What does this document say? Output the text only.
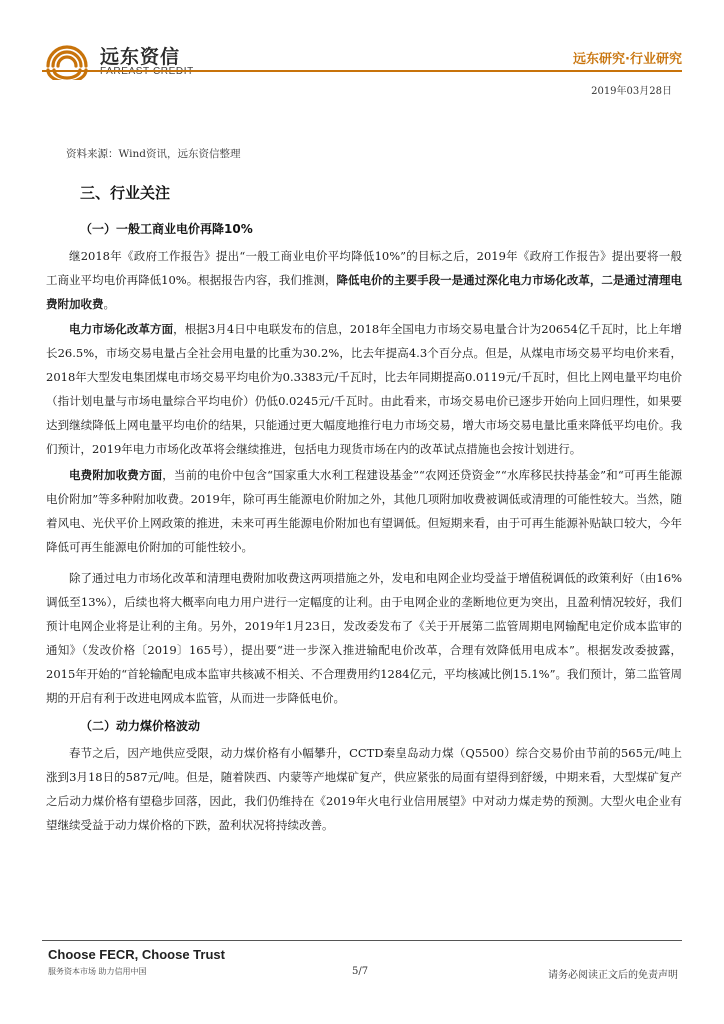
远东资信
FAREAST CREDIT
远东研究·行业研究
2019年03月28日
资料来源：Wind资讯，远东资信整理
三、行业关注
（一）一般工商业电价再降10%

继2018年《政府工作报告》提出“一般工商业电价平均降低10%”的目标之后，2019年《政府工作报告》提出要将一般工商业平均电价再降低10%。根据报告内容，我们推测，降低电价的主要手段一是通过深化电力市场化改革，二是通过清理电费附加收费。

电力市场化改革方面，根据3月4日中电联发布的信息，2018年全国电力市场交易电量合计为20654亿千瓦时，比上年增长26.5%，市场交易电量占全社会用电量的比重为30.2%，比去年提高4.3个百分点。但是，从煤电市场交易平均电价来看，2018年大型发电集团煤电市场交易平均电价为0.3383元/千瓦时，比去年同期提高0.0119元/千瓦时，但比上网电量平均电价（指计划电量与市场电量综合平均电价）仍低0.0245元/千瓦时。由此看来，市场交易电价已逐步开始向上回归理性，如果要达到继续降低上网电量平均电价的结果，只能通过更大幅度地推行电力市场交易，增大市场交易电量比重来降低平均电价。我们预计，2019年电力市场化改革将会继续推进，包括电力现货市场在内的改革试点措施也会按计划进行。

电费附加收费方面，当前的电价中包含“国家重大水利工程建设基金”“农网还贷资金”“水库移民扶持基金”和“可再生能源电价附加”等多种附加收费。2019年，除可再生能源电价附加之外，其他几项附加收费被调低或清理的可能性较大。当然，随着风电、光伏平价上网政策的推进，未来可再生能源电价附加也有望调低。但短期来看，由于可再生能源补贴缺口较大，今年降低可再生能源电价附加的可能性较小。

除了通过电力市场化改革和清理电费附加收费这两项措施之外，发电和电网企业均受益于增值税调低的政策利好（由16%调低至13%），后续也将大概率向电力用户进行一定幅度的让利。由于电网企业的垄断地位更为突出，且盈利情况较好，我们预计电网企业将是让利的主角。另外，2019年1月23日，发改委发布了《关于开展第二监管周期电网输配电定价成本监审的通知》（发改价格〔2019〕165号），提出要“进一步深入推进输配电价改革，合理有效降低用电成本”。根据发改委披露，2015年开始的“首轮输配电成本监审共核减不相关、不合理费用约1284亿元，平均核减比例15.1%”。我们预计，第二监管周期的开启有利于改进电网成本监管，从而进一步降低电价。

（二）动力煤价格波动

春节之后，因产地供应受限，动力煤价格有小幅攀升，CCTD秦皇岛动力煤（Q5500）综合交易价由节前的565元/吨上涨到3月18日的587元/吨。但是，随着陕西、内蒙等产地煤矿复产，供应紧张的局面有望得到舒缓，中期来看，大型煤矿复产之后动力煤价格有望稳步回落，因此，我们仍维持在《2019年火电行业信用展望》中对动力煤走势的预测。大型火电企业有望继续受益于动力煤价格的下跌，盈利状况将持续改善。

Choose FECR, Choose Trust
服务资本市场 助力信用中国	5/7	请务必阅读正文后的免责声明
